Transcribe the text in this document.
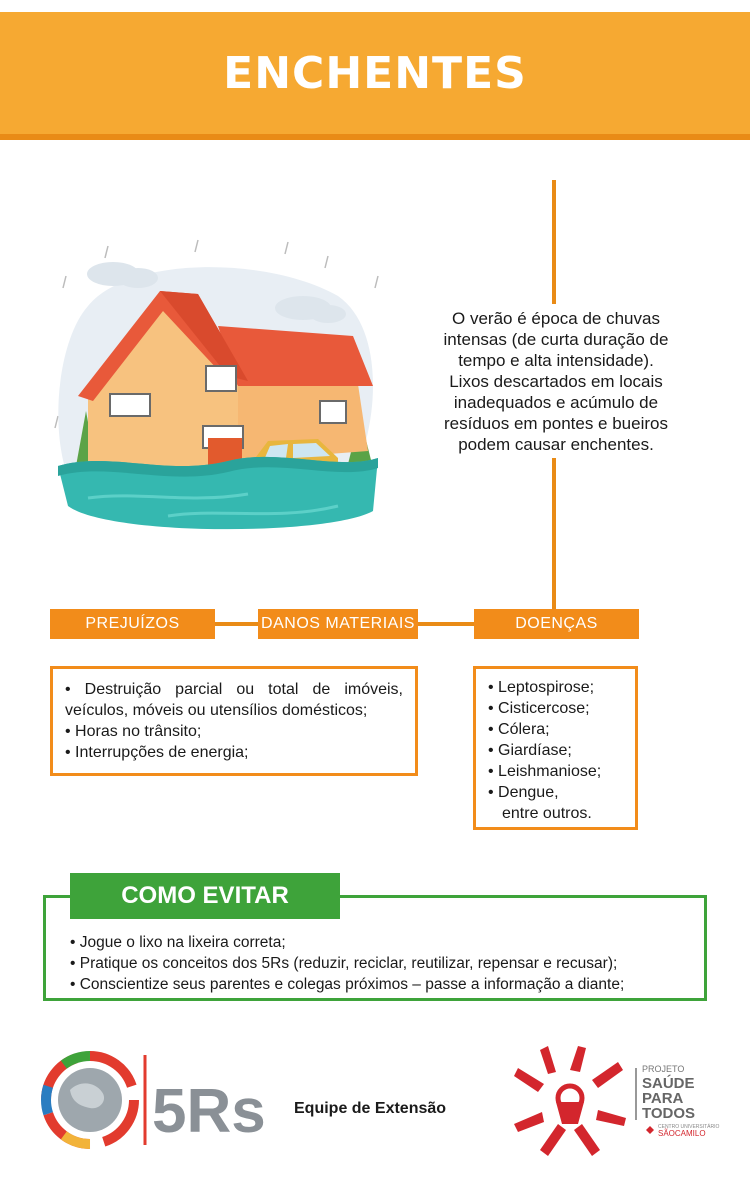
ENCHENTES
O verão é época de chuvas
intensas (de curta duração de
tempo e alta intensidade).
Lixos descartados em locais
inadequados e acúmulo de
resíduos em pontes e bueiros
podem causar enchentes.
PREJUÍZOS	DANOS MATERIAIS	DOENÇAS
• Destruição parcial ou total de imóveis, veículos, móveis ou utensílios domésticos;
• Horas no trânsito;
• Interrupções de energia;
• Leptospirose;
• Cisticercose;
• Cólera;
• Giardíase;
• Leishmaniose;
• Dengue,
entre outros.
COMO EVITAR
• Jogue o lixo na lixeira correta;
• Pratique os conceitos dos 5Rs (reduzir, reciclar, reutilizar, repensar e recusar);
• Conscientize seus parentes e colegas próximos – passe a informação a diante;
5Rs Equipe de Extensão
PROJETO
SAÚDE
PARA
TODOS
CENTRO UNIVERSITÁRIO
SÃOCAMILO
